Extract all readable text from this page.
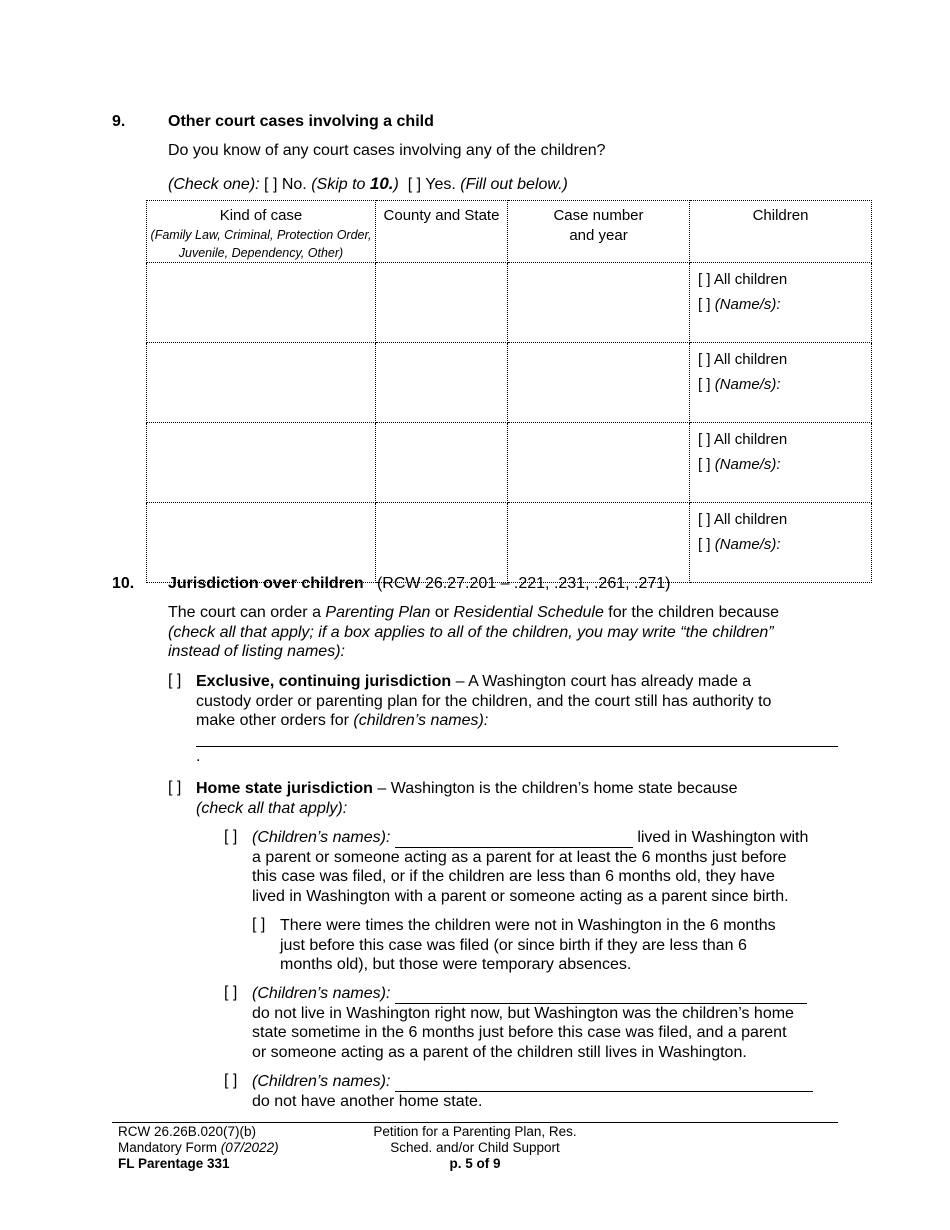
9.	Other court cases involving a child
Do you know of any court cases involving any of the children?
(Check one): [ ] No. (Skip to 10.) [ ] Yes. (Fill out below.)
Kind of case
(Family Law, Criminal, Protection Order, Juvenile, Dependency, Other)	County and State	Case number and year	Children

			[ ] All children
[ ] (Name/s):

			[ ] All children
[ ] (Name/s):

			[ ] All children
[ ] (Name/s):

			[ ] All children
[ ] (Name/s):
10. Jurisdiction over children (RCW 26.27.201 – .221, .231, .261, .271)
The court can order a Parenting Plan or Residential Schedule for the children because
(check all that apply; if a box applies to all of the children, you may write “the children”
instead of listing names):
[ ] Exclusive, continuing jurisdiction – A Washington court has already made a
custody order or parenting plan for the children, and the court still has authority to
make other orders for (children’s names):
.
[ ] Home state jurisdiction – Washington is the children’s home state because
(check all that apply):
[ ] (Children’s names):	lived in Washington with
a parent or someone acting as a parent for at least the 6 months just before
this case was filed, or if the children are less than 6 months old, they have
lived in Washington with a parent or someone acting as a parent since birth.
[ ] There were times the children were not in Washington in the 6 months
just before this case was filed (or since birth if they are less than 6
months old), but those were temporary absences.
[ ] (Children’s names):
do not live in Washington right now, but Washington was the children’s home
state sometime in the 6 months just before this case was filed, and a parent
or someone acting as a parent of the children still lives in Washington.
[ ] (Children’s names):
do not have another home state.
RCW 26.26B.020(7)(b)
Mandatory Form (07/2022)
FL Parentage 331
Petition for a Parenting Plan, Res.
Sched. and/or Child Support
p. 5 of 9
